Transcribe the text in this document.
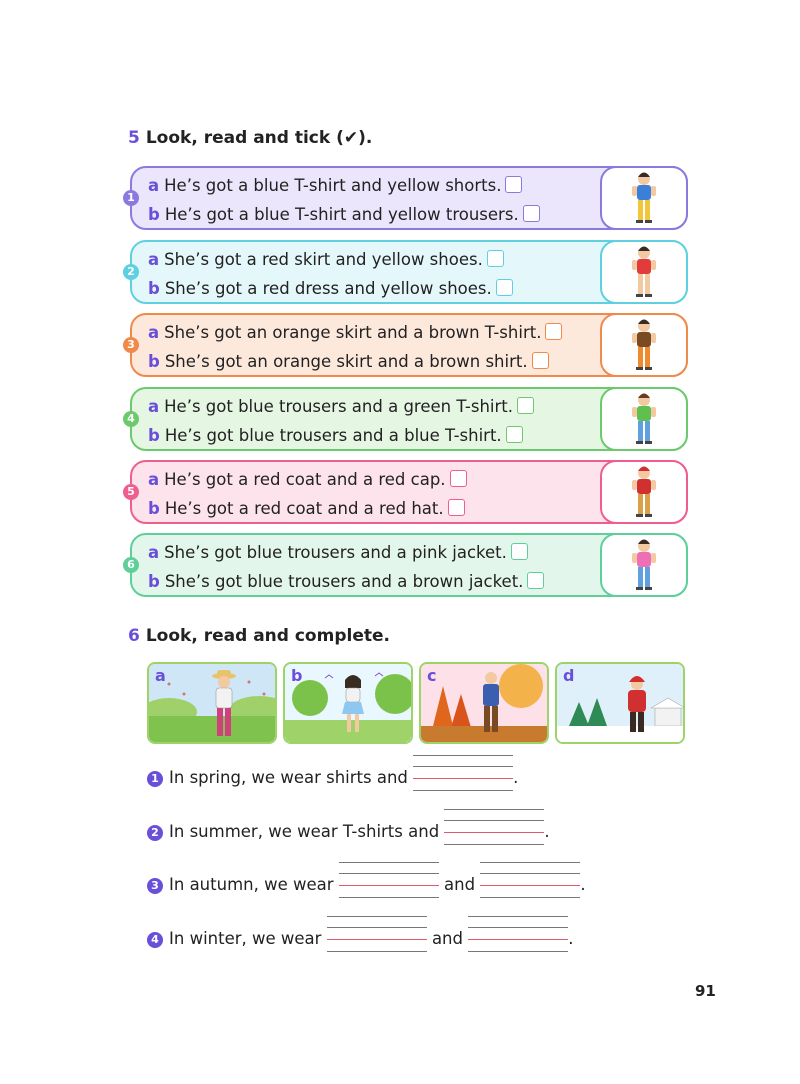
5 Look, read and tick (✔).
1
a He’s got a blue T-shirt and yellow shorts.
b He’s got a blue T-shirt and yellow trousers.
2
a She’s got a red skirt and yellow shoes.
b She’s got a red dress and yellow shoes.
3
a She’s got an orange skirt and a brown T-shirt.
b She’s got an orange skirt and a brown shirt.
4
a He’s got blue trousers and a green T-shirt.
b He’s got blue trousers and a blue T-shirt.
5
a He’s got a red coat and a red cap.
b He’s got a red coat and a red hat.
6
a She’s got blue trousers and a pink jacket.
b She’s got blue trousers and a brown jacket.
6 Look, read and complete.
a	b	c	d
1 In spring, we wear shirts and	.
2 In summer, we wear T-shirts and	.
3 In autumn, we wear	and	.
4 In winter, we wear	and	.
91
